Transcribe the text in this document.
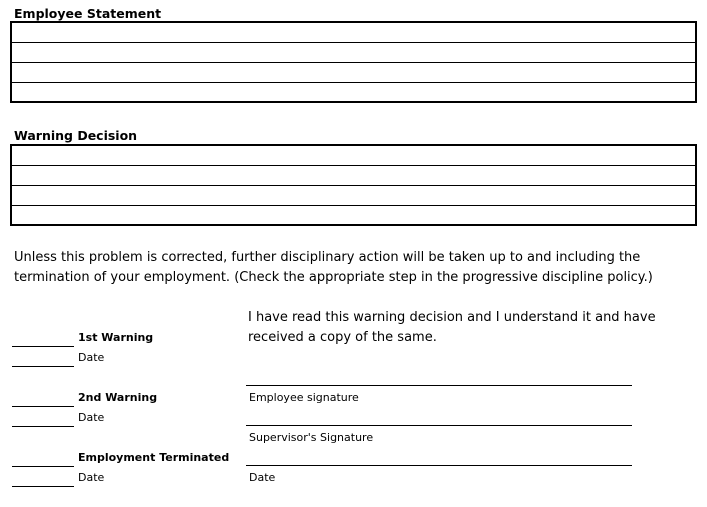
Employee Statement
Warning Decision

Unless this problem is corrected, further disciplinary action will be taken up to and including the termination of your employment. (Check the appropriate step in the progressive discipline policy.)

1st Warning
Date
2nd Warning
Date
Employment Terminated
Date

I have read this warning decision and I understand it and have received a copy of the same.

Employee signature
Supervisor's Signature
Date
